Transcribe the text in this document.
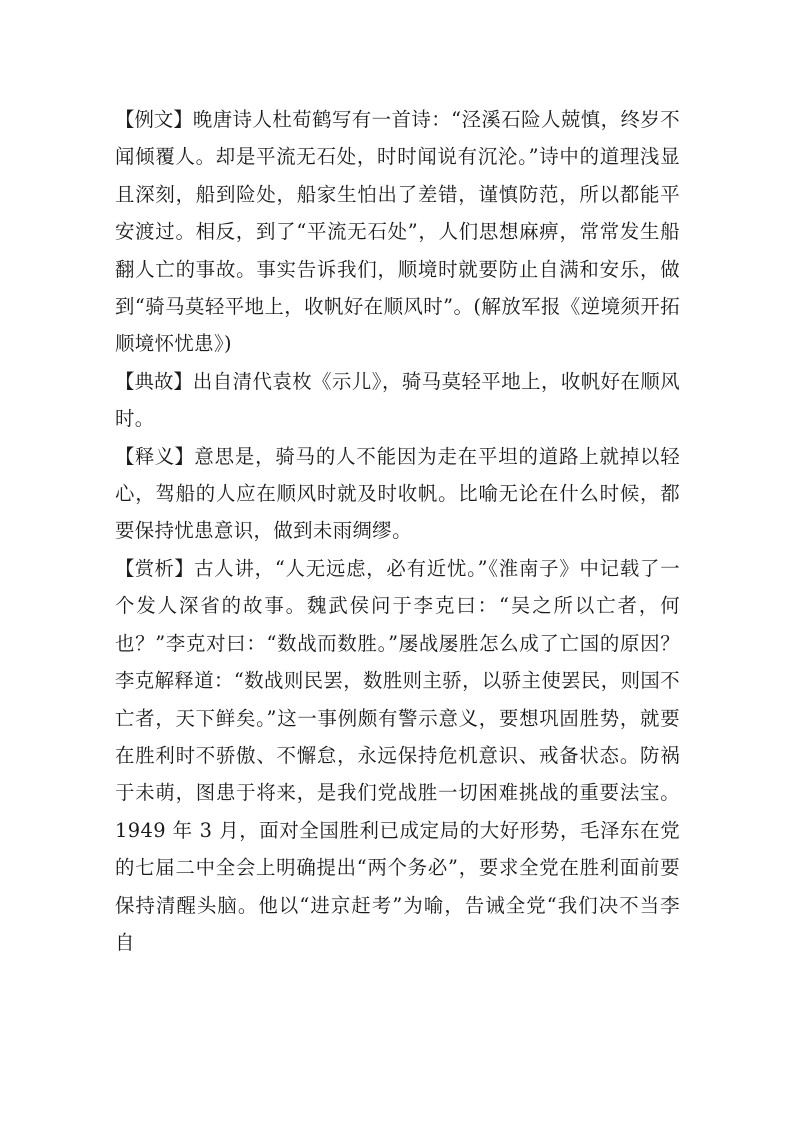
【例文】晚唐诗人杜荀鹤写有一首诗：“泾溪石险人兢慎，终岁不闻倾覆人。却是平流无石处，时时闻说有沉沦。”诗中的道理浅显且深刻，船到险处，船家生怕出了差错，谨慎防范，所以都能平安渡过。相反，到了“平流无石处”，人们思想麻痹，常常发生船翻人亡的事故。事实告诉我们，顺境时就要防止自满和安乐，做到“骑马莫轻平地上，收帆好在顺风时”。(解放军报《逆境须开拓 顺境怀忧患》)

【典故】出自清代袁枚《示儿》，骑马莫轻平地上，收帆好在顺风时。

【释义】意思是，骑马的人不能因为走在平坦的道路上就掉以轻心，驾船的人应在顺风时就及时收帆。比喻无论在什么时候，都要保持忧患意识，做到未雨绸缪。

【赏析】古人讲，“人无远虑，必有近忧。”《淮南子》中记载了一个发人深省的故事。魏武侯问于李克曰：“吴之所以亡者，何也？”李克对曰：“数战而数胜。”屡战屡胜怎么成了亡国的原因？李克解释道：“数战则民罢，数胜则主骄，以骄主使罢民，则国不亡者，天下鲜矣。”这一事例颇有警示意义，要想巩固胜势，就要在胜利时不骄傲、不懈怠，永远保持危机意识、戒备状态。防祸于未萌，图患于将来，是我们党战胜一切困难挑战的重要法宝。1949 年 3 月，面对全国胜利已成定局的大好形势，毛泽东在党的七届二中全会上明确提出“两个务必”，要求全党在胜利面前要保持清醒头脑。他以“进京赶考”为喻，告诫全党“我们决不当李自
